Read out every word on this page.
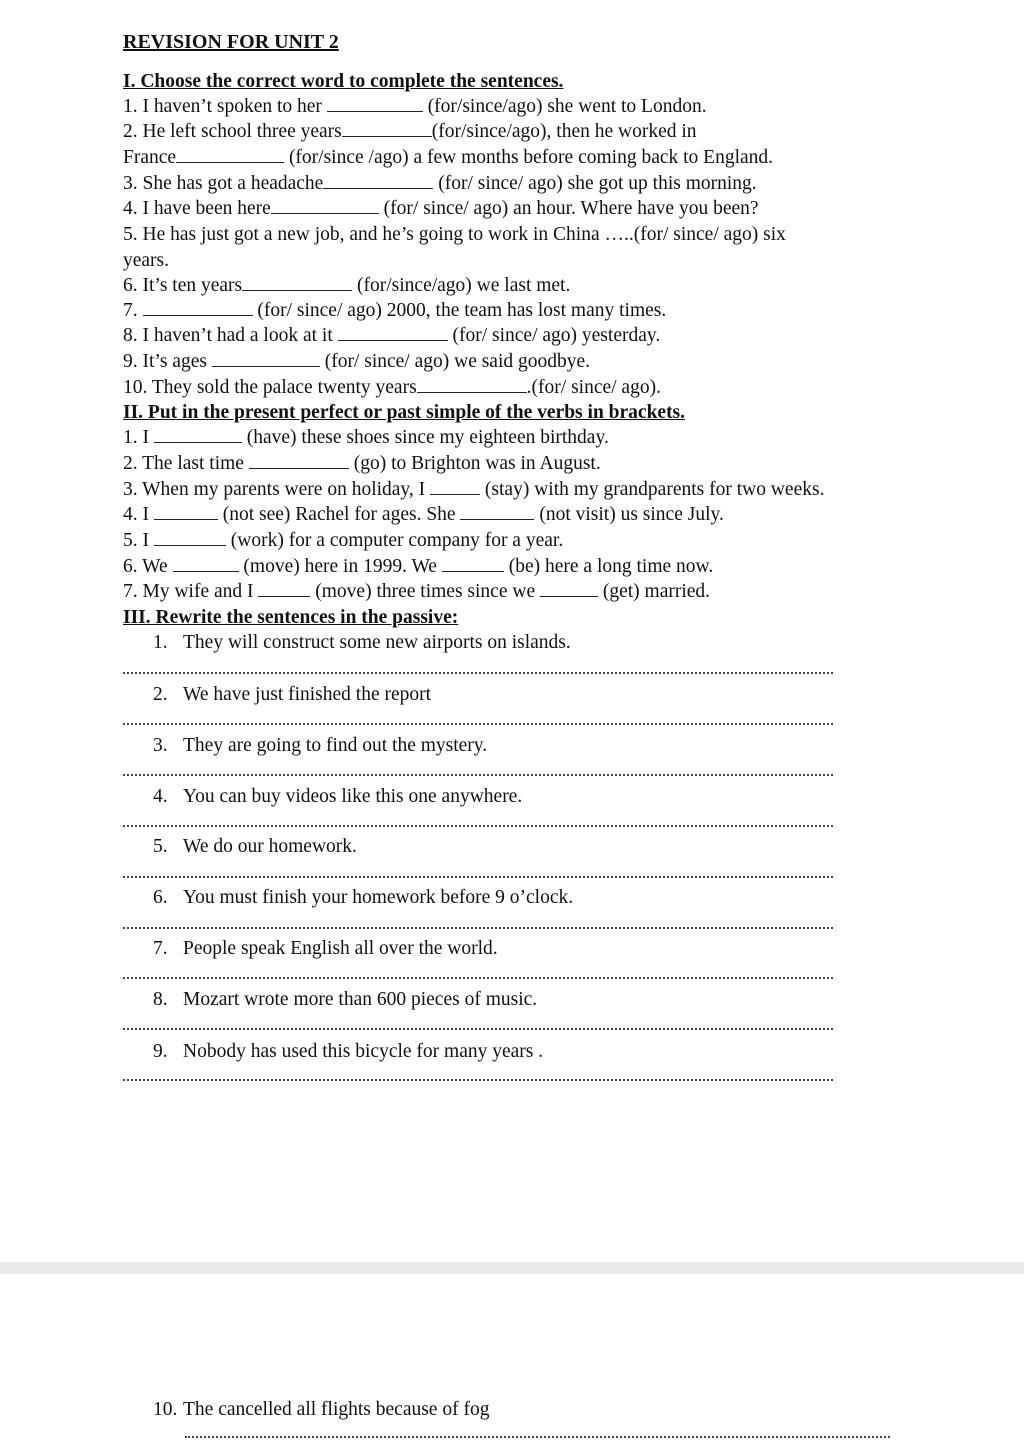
REVISION FOR UNIT 2
I. Choose the correct word to complete the sentences.
1. I haven’t spoken to her	(for/since/ago) she went to London.
2. He left school three years	(for/since/ago), then he worked in
France	(for/since /ago) a few months before coming back to England.
3. She has got a headache	(for/ since/ ago) she got up this morning.
4. I have been here	(for/ since/ ago) an hour. Where have you been?
5. He has just got a new job, and he’s going to work in China …..(for/ since/ ago) six
years.
6. It’s ten years	(for/since/ago) we last met.
7.	(for/ since/ ago) 2000, the team has lost many times.
8. I haven’t had a look at it	(for/ since/ ago) yesterday.
9. It’s ages	(for/ since/ ago) we said goodbye.
10. They sold the palace twenty years	.(for/ since/ ago).
II. Put in the present perfect or past simple of the verbs in brackets.
1. I	(have) these shoes since my eighteen birthday.
2. The last time	(go) to Brighton was in August.
3. When my parents were on holiday, I	(stay) with my grandparents for two weeks.
4. I	(not see) Rachel for ages. She	(not visit) us since July.
5. I	(work) for a computer company for a year.
6. We	(move) here in 1999. We	(be) here a long time now.
7. My wife and I	(move) three times since we	(get) married.
III. Rewrite the sentences in the passive:
1. They will construct some new airports on islands.
2. We have just finished the report
3. They are going to find out the mystery.
4. You can buy videos like this one anywhere.
5. We do our homework.
6. You must finish your homework before 9 o’clock.
7. People speak English all over the world.
8. Mozart wrote more than 600 pieces of music.
9. Nobody has used this bicycle for many years .
10. The cancelled all flights because of fog
